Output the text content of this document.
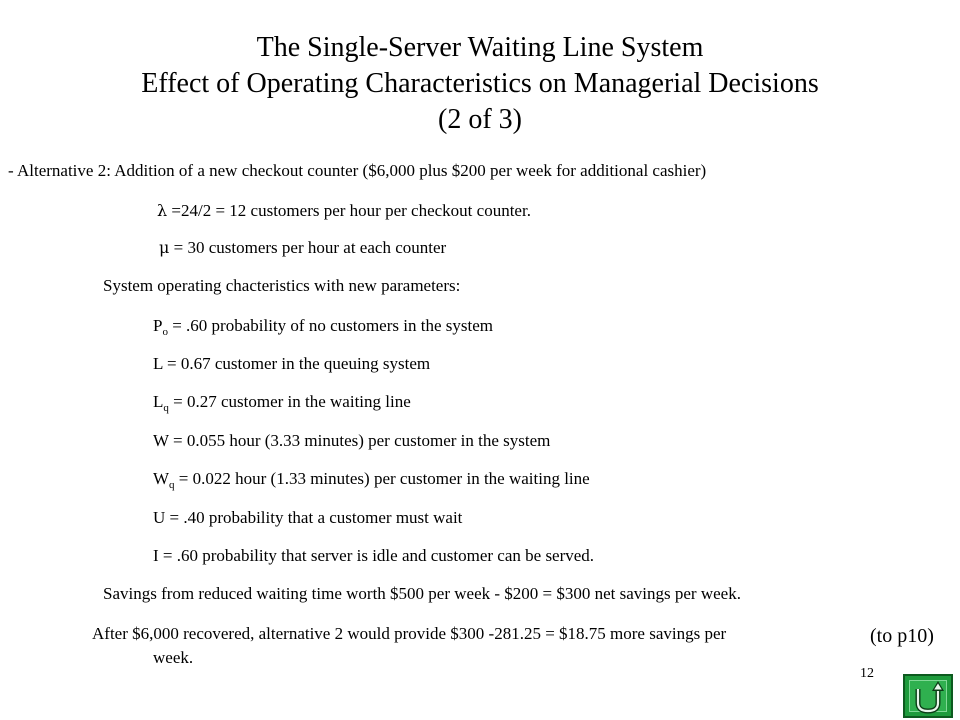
The Single-Server Waiting Line System
Effect of Operating Characteristics on Managerial Decisions
(2 of 3)
- Alternative 2: Addition of a new checkout counter ($6,000 plus $200 per week for additional cashier)
λ =24/2 = 12 customers per hour per checkout counter.
μ = 30 customers per hour at each counter
System operating chacteristics with new parameters:
$P_o = .60$ probability of no customers in the system
L = 0.67 customer in the queuing system
$L_q = 0.27$ customer in the waiting line
W = 0.055 hour (3.33 minutes) per customer in the system
$W_q = 0.022$ hour (1.33 minutes) per customer in the waiting line
U = .40 probability that a customer must wait
I = .60 probability that server is idle and customer can be served.
Savings from reduced waiting time worth $500 per week - $200 = $300 net savings per week.
After $6,000 recovered, alternative 2 would provide $300 -281.25 = $18.75 more savings per
week.
(to p10)
12
